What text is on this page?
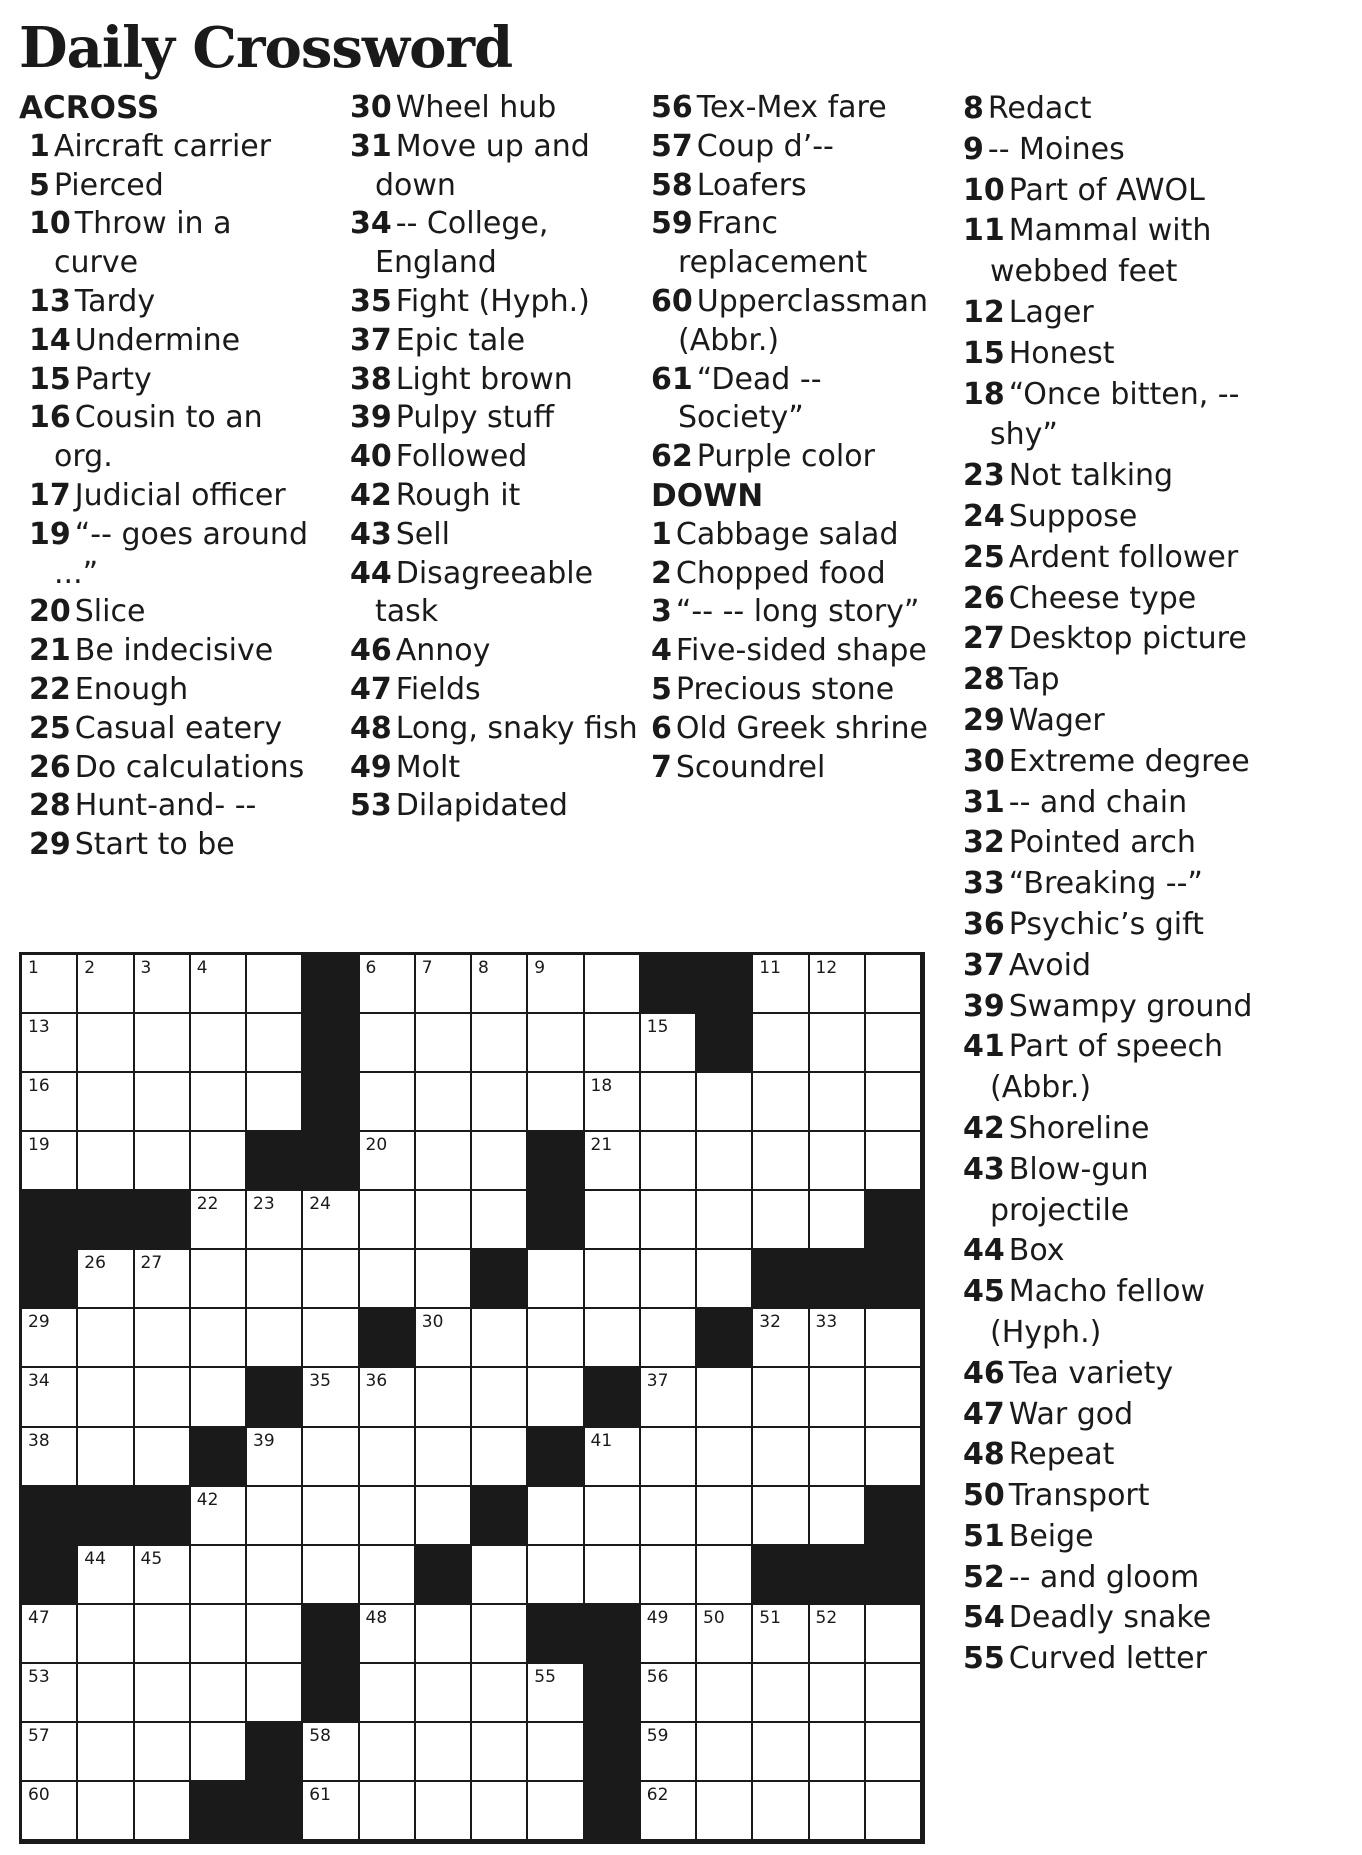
Daily Crossword
ACROSS
1 Aircraft carrier
5 Pierced
10 Throw in a curve
13 Tardy
14 Undermine
15 Party
16 Cousin to an org.
17 Judicial officer
19 “-- goes around ...”
20 Slice
21 Be indecisive
22 Enough
25 Casual eatery
26 Do calculations
28 Hunt-and- --
29 Start to be
30 Wheel hub
31 Move up and down
34 -- College, England
35 Fight (Hyph.)
37 Epic tale
38 Light brown
39 Pulpy stuff
40 Followed
42 Rough it
43 Sell
44 Disagreeable task
46 Annoy
47 Fields
48 Long, snaky fish
49 Molt
53 Dilapidated
56 Tex-Mex fare
57 Coup d’--
58 Loafers
59 Franc replacement
60 Upperclassman (Abbr.)
61 “Dead -- Society”
62 Purple color
DOWN
1 Cabbage salad
2 Chopped food
3 “-- -- long story”
4 Five-sided shape
5 Precious stone
6 Old Greek shrine
7 Scoundrel
8 Redact
9 -- Moines
10 Part of AWOL
11 Mammal with webbed feet
12 Lager
15 Honest
18 “Once bitten, -- shy”
23 Not talking
24 Suppose
25 Ardent follower
26 Cheese type
27 Desktop picture
28 Tap
29 Wager
30 Extreme degree
31 -- and chain
32 Pointed arch
33 “Breaking --”
36 Psychic’s gift
37 Avoid
39 Swampy ground
41 Part of speech (Abbr.)
42 Shoreline
43 Blow-gun projectile
44 Box
45 Macho fellow (Hyph.)
46 Tea variety
47 War god
48 Repeat
50 Transport
51 Beige
52 -- and gloom
54 Deadly snake
55 Curved letter
1	2	3	4	6	7	8	9	11 12
13	15
16	18
19	20	21
22 23 24
26 27
29	30	32 33
34	35 36	37
38	39	41
42
44 45
47	48	49 50 51 52
53	55	56
57	58	59
60	61	62
